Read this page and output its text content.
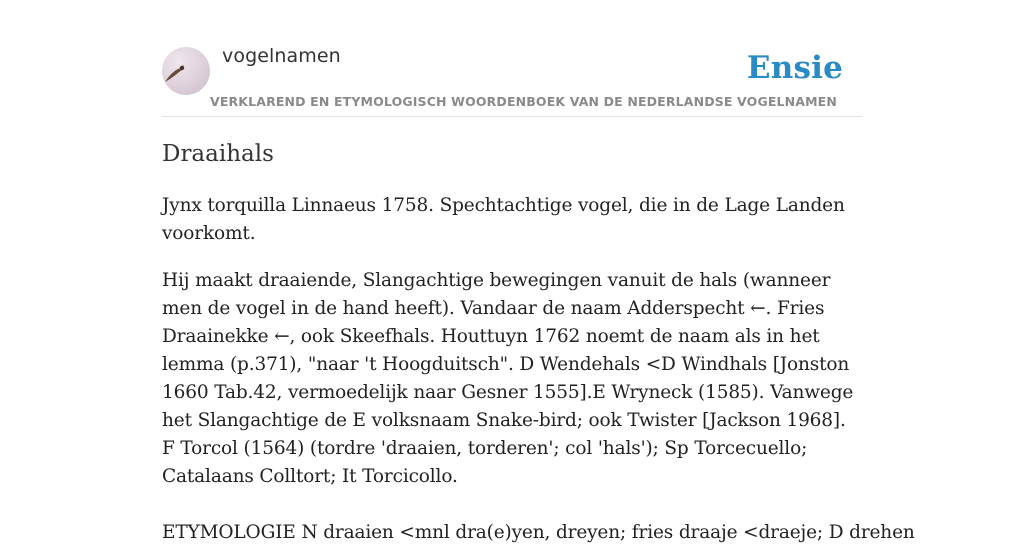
vogelnamen	Ensie
VERKLAREND EN ETYMOLOGISCH WOORDENBOEK VAN DE NEDERLANDSE VOGELNAMEN
Draaihals

Jynx torquilla Linnaeus 1758. Spechtachtige vogel, die in de Lage Landen voorkomt.

Hij maakt draaiende, Slangachtige bewegingen vanuit de hals (wanneer men de vogel in de hand heeft). Vandaar de naam Adderspecht ←. Fries Draainekke ←, ook Skeefhals. Houttuyn 1762 noemt de naam als in het lemma (p.371), "naar 't Hoogduitsch". D Wendehals <D Windhals [Jonston 1660 Tab.42, vermoedelijk naar Gesner 1555].E Wryneck (1585). Vanwege het Slangachtige de E volksnaam Snake-bird; ook Twister [Jackson 1968]. F Torcol (1564) (tordre 'draaien, torderen'; col 'hals'); Sp Torcecuello; Catalaans Colltort; It Torcicollo.

ETYMOLOGIE N draaien <mnl dra(e)yen, dreyen; fries draaje <draeje; D drehen
